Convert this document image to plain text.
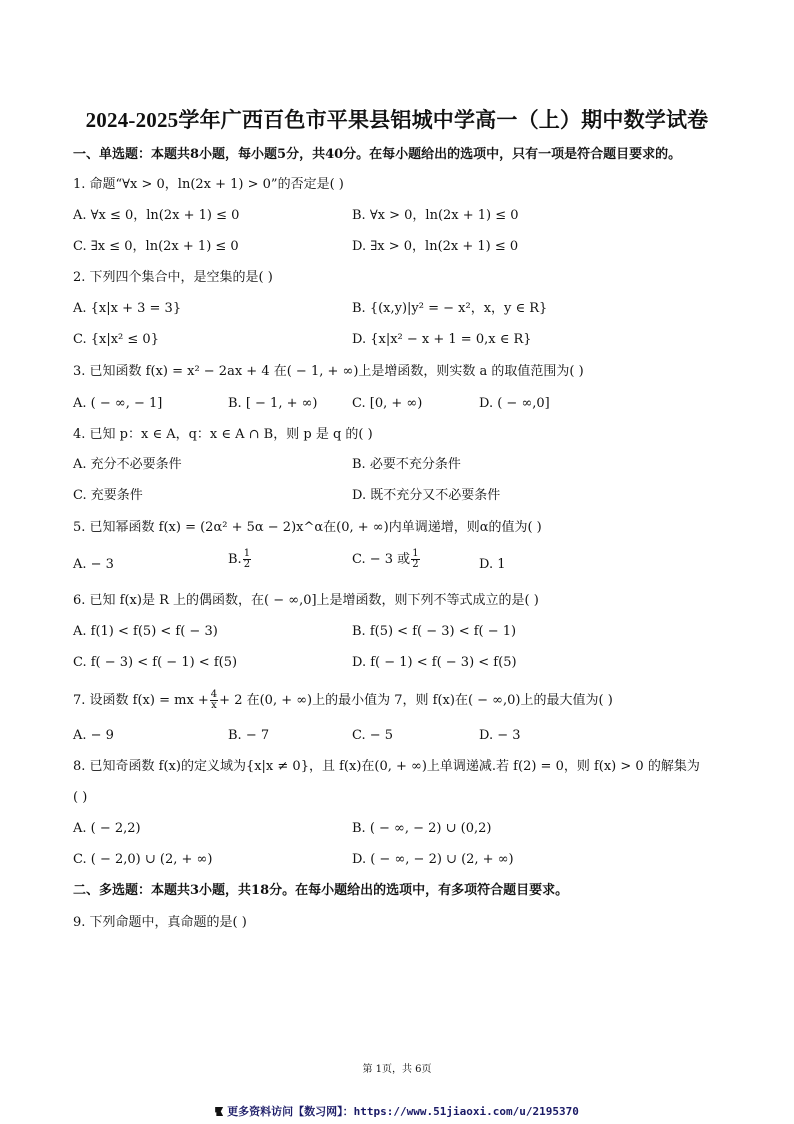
2024-2025学年广西百色市平果县铝城中学高一（上）期中数学试卷
一、单选题：本题共8小题，每小题5分，共40分。在每小题给出的选项中，只有一项是符合题目要求的。
1. 命题“∀x > 0，ln(2x + 1) > 0”的否定是( )
A. ∀x ≤ 0，ln(2x + 1) ≤ 0	B. ∀x > 0，ln(2x + 1) ≤ 0
C. ∃x ≤ 0，ln(2x + 1) ≤ 0	D. ∃x > 0，ln(2x + 1) ≤ 0
2. 下列四个集合中，是空集的是( )
A. {x|x + 3 = 3}	B. {(x,y)|y² = − x²，x，y ∈ R}
C. {x|x² ≤ 0}	D. {x|x² − x + 1 = 0,x ∈ R}
3. 已知函数 f(x) = x² − 2ax + 4 在( − 1, + ∞)上是增函数，则实数 a 的取值范围为( )
A. ( − ∞, − 1]	B. [ − 1, + ∞)	C. [0, + ∞)	D. ( − ∞,0]
4. 已知 p：x ∈ A，q：x ∈ A ∩ B，则 p 是 q 的( )
A. 充分不必要条件	B. 必要不充分条件
C. 充要条件	D. 既不充分又不必要条件
5. 已知幂函数 f(x) = (2α² + 5α − 2)x^α在(0, + ∞)内单调递增，则α的值为( )
A. − 3	B. $\frac{1}{2}$	C. − 3 或 $\frac{1}{2}$	D. 1
6. 已知 f(x)是 R 上的偶函数，在( − ∞,0]上是增函数，则下列不等式成立的是( )
A. f(1) < f(5) < f( − 3)	B. f(5) < f( − 3) < f( − 1)
C. f( − 3) < f( − 1) < f(5)	D. f( − 1) < f( − 3) < f(5)
7. 设函数 f(x) = mx + $\frac{4}{x} + 2$ 在(0, + ∞)上的最小值为 7，则 f(x)在( − ∞,0)上的最大值为( )
A. − 9	B. − 7	C. − 5	D. − 3
8. 已知奇函数 f(x)的定义域为{x|x ≠ 0}，且 f(x)在(0, + ∞)上单调递减.若 f(2) = 0，则 f(x) > 0 的解集为
( )
A. ( − 2,2)	B. ( − ∞, − 2) ∪ (0,2)
C. ( − 2,0) ∪ (2, + ∞)	D. ( − ∞, − 2) ∪ (2, + ∞)
二、多选题：本题共3小题，共18分。在每小题给出的选项中，有多项符合题目要求。
9. 下列命题中，真命题的是( )
第 1页，共 6页
更多资料访问【数习网】：https://www.51jiaoxi.com/u/2195370
